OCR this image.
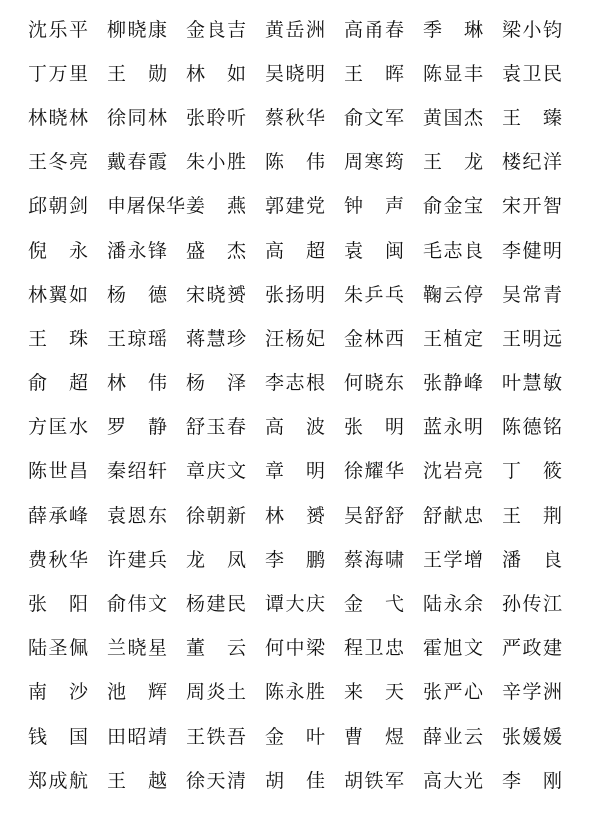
沈 乐 平 柳 晓 康 金 良 吉 黄 岳 洲 高 甬 春 季 琳 梁 小 钧
丁 万 里 王 勋 林 如 吴 晓 明 王 晖 陈 显 丰 袁 卫 民
林 晓 林 徐 同 林 张 聆 听 蔡 秋 华 俞 文 军 黄 国 杰 王 臻
王 冬 亮 戴 春 霞 朱 小 胜 陈 伟 周 寒 筠 王 龙 楼 纪 洋
邱 朝 剑 申 屠 保 华 姜 燕 郭 建 党 钟 声 俞 金 宝 宋 开 智
倪 永 潘 永 锋 盛 杰 高 超 袁 闽 毛 志 良 李 健 明
林 翼 如 杨 德 宋 晓 赟 张 扬 明 朱 乒 乓 鞠 云 停 吴 常 青
王 珠 王 琼 瑶 蒋 慧 珍 汪 杨 妃 金 林 西 王 植 定 王 明 远
俞 超 林 伟 杨 泽 李 志 根 何 晓 东 张 静 峰 叶 慧 敏
方 匡 水 罗 静 舒 玉 春 高 波 张 明 蓝 永 明 陈 德 铭
陈 世 昌 秦 绍 轩 章 庆 文 章 明 徐 耀 华 沈 岩 亮 丁 筱
薛 承 峰 袁 恩 东 徐 朝 新 林 赟 吴 舒 舒 舒 献 忠 王 荆
费 秋 华 许 建 兵 龙 凤 李 鹏 蔡 海 啸 王 学 增 潘 良
张 阳 俞 伟 文 杨 建 民 谭 大 庆 金 弋 陆 永 余 孙 传 江
陆 圣 佩 兰 晓 星 董 云 何 中 梁 程 卫 忠 霍 旭 文 严 政 建
南 沙 池 辉 周 炎 土 陈 永 胜 来 天 张 严 心 辛 学 洲
钱 国 田 昭 靖 王 铁 吾 金 叶 曹 煜 薛 业 云 张 媛 媛
郑 成 航 王 越 徐 天 清 胡 佳 胡 铁 军 高 大 光 李 刚
